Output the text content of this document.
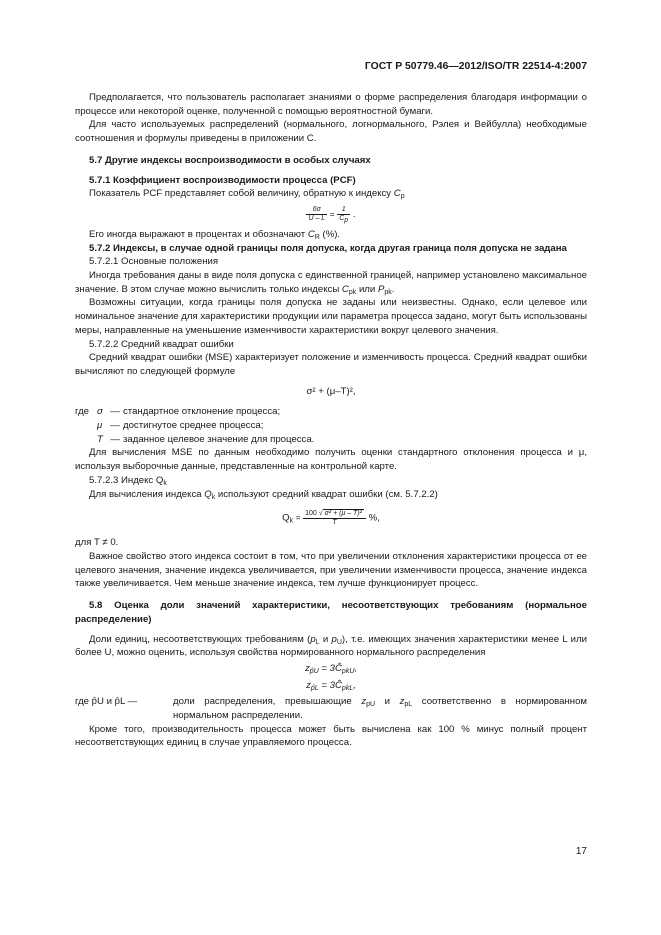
ГОСТ Р 50779.46—2012/ISO/TR 22514-4:2007

Предполагается, что пользователь располагает знаниями о форме распределения благодаря информации о процессе или некоторой оценке, полученной с помощью вероятностной бумаги.

Для часто используемых распределений (нормального, логнормального, Рэлея и Вейбулла) необходимые соотношения и формулы приведены в приложении С.

5.7 Другие индексы воспроизводимости в особых случаях

5.7.1 Коэффициент воспроизводимости процесса (PCF)

Показатель PCF представляет собой величину, обратную к индексу $C_p$

$\frac{6\sigma}{U - L} = \frac{1}{C_p}$ .

Его иногда выражают в процентах и обозначают $C_R$ (%).

5.7.2 Индексы, в случае одной границы поля допуска, когда другая граница поля допуска не задана

5.7.2.1 Основные положения

Иногда требования даны в виде поля допуска с единственной границей, например установлено максимальное значение. В этом случае можно вычислить только индексы $C_{pk}$ или $P_{pk}$.

Возможны ситуации, когда границы поля допуска не заданы или неизвестны. Однако, если целевое или номинальное значение для характеристики продукции или параметра процесса задано, могут быть использованы меры, направленные на уменьшение изменчивости характеристики вокруг целевого значения.

5.7.2.2 Средний квадрат ошибки

Средний квадрат ошибки (MSE) характеризует положение и изменчивость процесса. Средний квадрат ошибки вычисляют по следующей формуле

σ² + (μ–T)²,
где σ — стандартное отклонение процесса;
μ — достигнутое среднее процесса;
T — заданное целевое значение для процесса.

Для вычисления MSE по данным необходимо получить оценки стандартного отклонения процесса и μ, используя выборочные данные, представленные на контрольной карте.

5.7.2.3 Индекс $Q_k$

Для вычисления индекса $Q_k$ используют средний квадрат ошибки (см. 5.7.2.2)

$Q_k = \frac{\text{100 √ σ² + (μ – T)²}}{T}$ %,

для T ≠ 0.

Важное свойство этого индекса состоит в том, что при увеличении отклонения характеристики процесса от ее целевого значения, значение индекса увеличивается, при увеличении изменчивости процесса, значение индекса также увеличивается. Чем меньше значение индекса, тем лучше функционирует процесс.

5.8 Оценка доли значений характеристики, несоответствующих требованиям (нормальное распределение)

Доли единиц, несоответствующих требованиям ($p_L$ и $p_U$), т.е. имеющих значения характеристики менее L или более U, можно оценить, используя свойства нормированного нормального распределения

$z_{p̂U}$ = $3Ĉ_{pkU}$,
$z_{p̂L}$ = $3Ĉ_{pkL}$,
где p̂U и p̂L —	доли распределения, превышающие $z_{pU}$ и $z_{pL}$ соответственно в нормированном нормальном распределении.

Кроме того, производительность процесса может быть вычислена как 100 % минус полный процент несоответствующих единиц в случае управляемого процесса.

17
